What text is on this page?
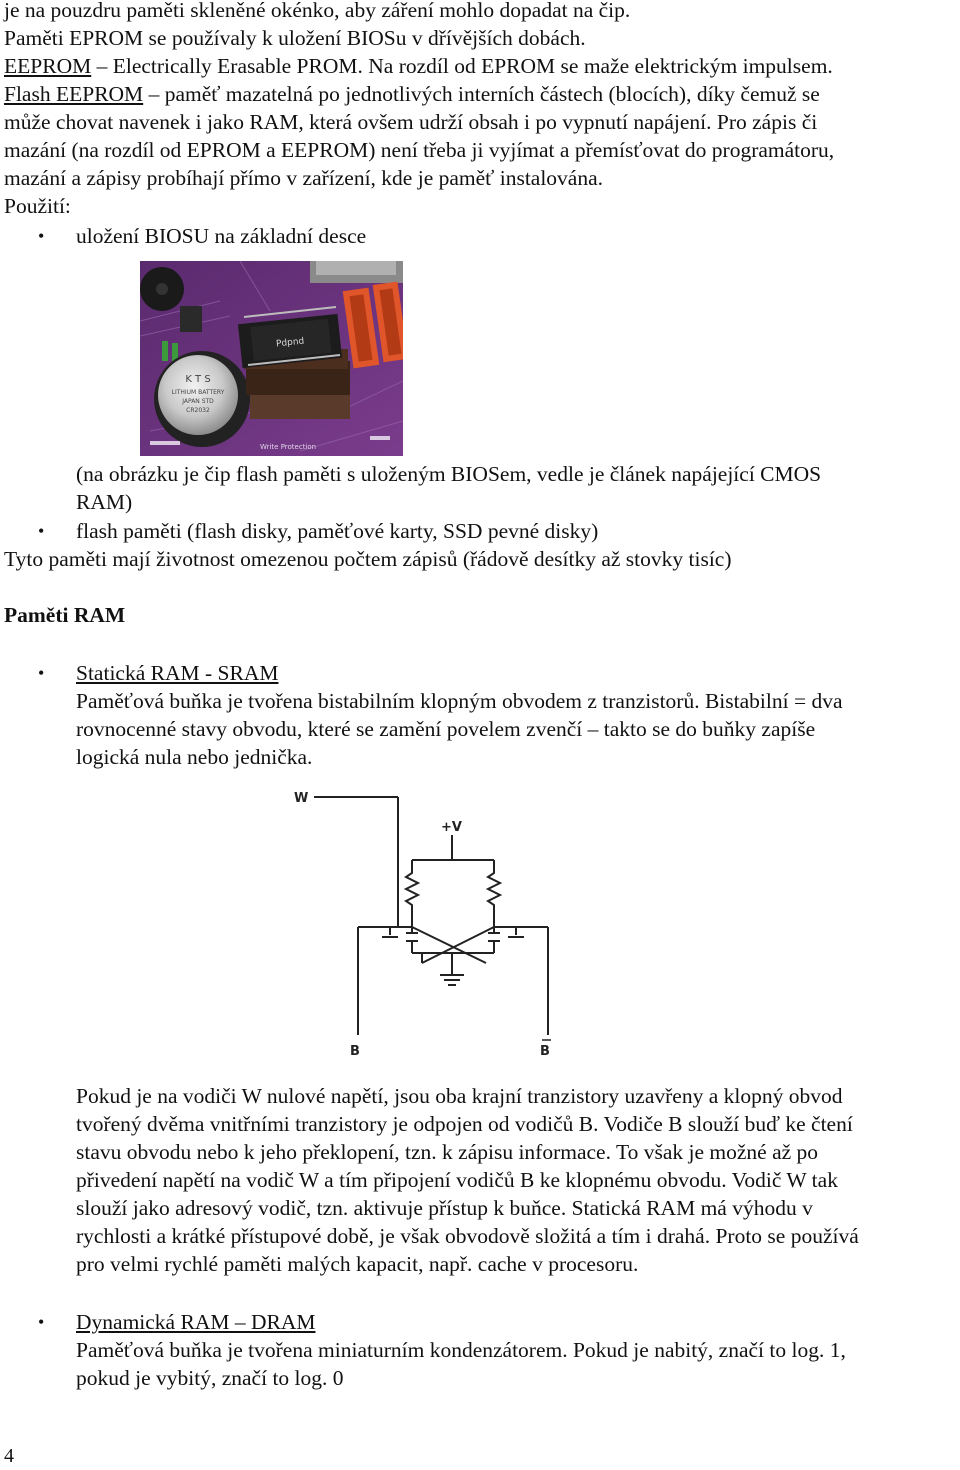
je na pouzdru paměti skleněné okénko, aby záření mohlo dopadat na čip.
Paměti EPROM se používaly k uložení BIOSu v dřívějších dobách.
EEPROM – Electrically Erasable PROM. Na rozdíl od EPROM se maže elektrickým impulsem.
Flash EEPROM – paměť mazatelná po jednotlivých interních částech (blocích), díky čemuž se
může chovat navenek i jako RAM, která ovšem udrží obsah i po vypnutí napájení. Pro zápis či
mazání (na rozdíl od EPROM a EEPROM) není třeba ji vyjímat a přemísťovat do programátoru,
mazání a zápisy probíhají přímo v zařízení, kde je paměť instalována.
Použití:
• uložení BIOSU na základní desce
K T S
LITHIUM BATTERY
JAPAN STD
CR2032
Pdpnd
Write Protection
(na obrázku je čip flash paměti s uloženým BIOSem, vedle je článek napájející CMOS
RAM)
• flash paměti (flash disky, paměťové karty, SSD pevné disky)
Tyto paměti mají životnost omezenou počtem zápisů (řádově desítky až stovky tisíc)
Paměti RAM
• Statická RAM - SRAM
Paměťová buňka je tvořena bistabilním klopným obvodem z tranzistorů. Bistabilní = dva
rovnocenné stavy obvodu, které se zamění povelem zvenčí – takto se do buňky zapíše
logická nula nebo jednička.
W
+V
B	B
Pokud je na vodiči W nulové napětí, jsou oba krajní tranzistory uzavřeny a klopný obvod
tvořený dvěma vnitřními tranzistory je odpojen od vodičů B. Vodiče B slouží buď ke čtení
stavu obvodu nebo k jeho překlopení, tzn. k zápisu informace. To však je možné až po
přivedení napětí na vodič W a tím připojení vodičů B ke klopnému obvodu. Vodič W tak
slouží jako adresový vodič, tzn. aktivuje přístup k buňce. Statická RAM má výhodu v
rychlosti a krátké přístupové době, je však obvodově složitá a tím i drahá. Proto se používá
pro velmi rychlé paměti malých kapacit, např. cache v procesoru.
• Dynamická RAM – DRAM
Paměťová buňka je tvořena miniaturním kondenzátorem. Pokud je nabitý, značí to log. 1,
pokud je vybitý, značí to log. 0
4
